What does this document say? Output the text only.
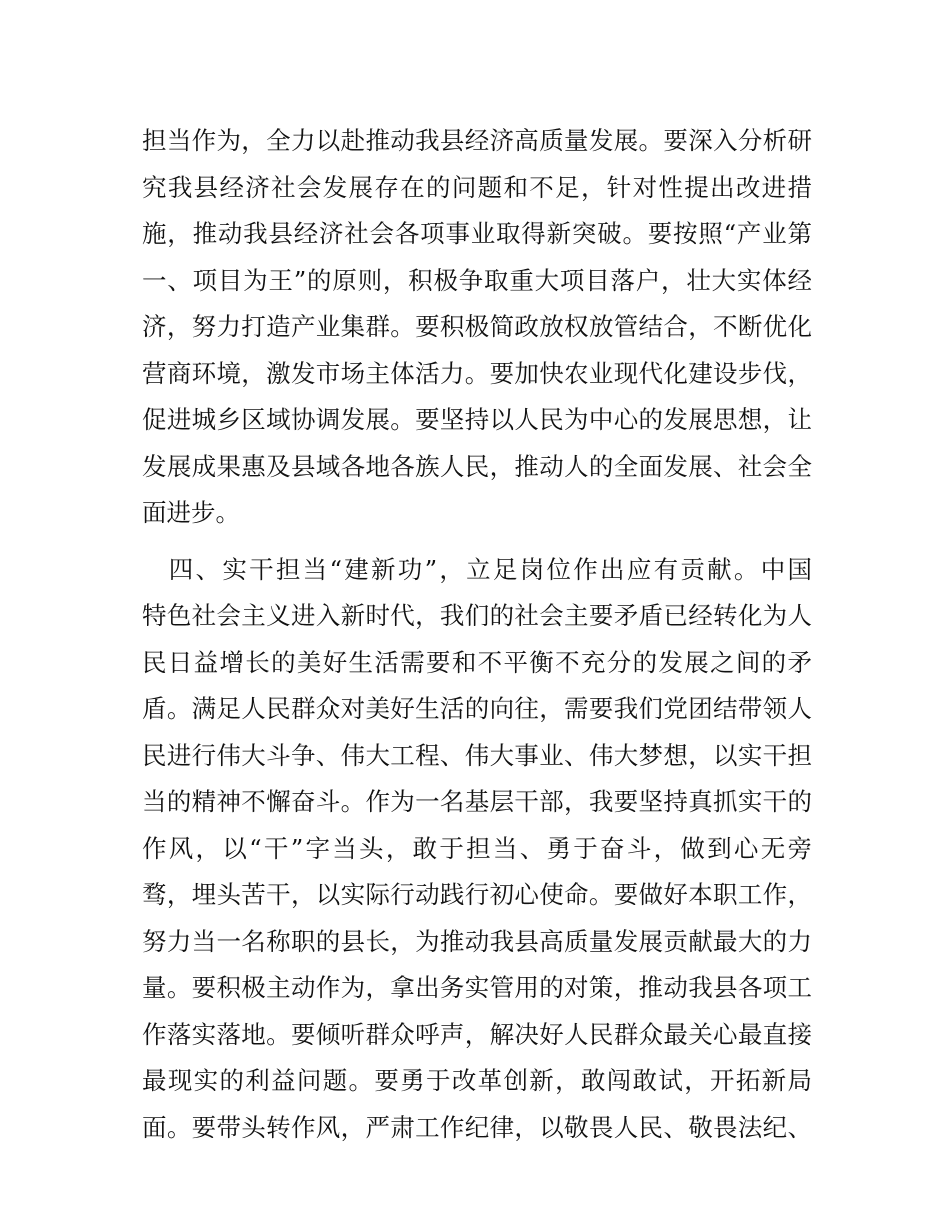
担当作为，全力以赴推动我县经济高质量发展。要深入分析研
究我县经济社会发展存在的问题和不足，针对性提出改进措
施，推动我县经济社会各项事业取得新突破。要按照“产业第
一、项目为王”的原则，积极争取重大项目落户，壮大实体经
济，努力打造产业集群。要积极简政放权放管结合，不断优化
营商环境，激发市场主体活力。要加快农业现代化建设步伐，
促进城乡区域协调发展。要坚持以人民为中心的发展思想，让
发展成果惠及县域各地各族人民，推动人的全面发展、社会全
面进步。
　四、实干担当“建新功”，立足岗位作出应有贡献。中国
特色社会主义进入新时代，我们的社会主要矛盾已经转化为人
民日益增长的美好生活需要和不平衡不充分的发展之间的矛
盾。满足人民群众对美好生活的向往，需要我们党团结带领人
民进行伟大斗争、伟大工程、伟大事业、伟大梦想，以实干担
当的精神不懈奋斗。作为一名基层干部，我要坚持真抓实干的
作风，以“干”字当头，敢于担当、勇于奋斗，做到心无旁
骛，埋头苦干，以实际行动践行初心使命。要做好本职工作，
努力当一名称职的县长，为推动我县高质量发展贡献最大的力
量。要积极主动作为，拿出务实管用的对策，推动我县各项工
作落实落地。要倾听群众呼声，解决好人民群众最关心最直接
最现实的利益问题。要勇于改革创新，敢闯敢试，开拓新局
面。要带头转作风，严肃工作纪律，以敬畏人民、敬畏法纪、
